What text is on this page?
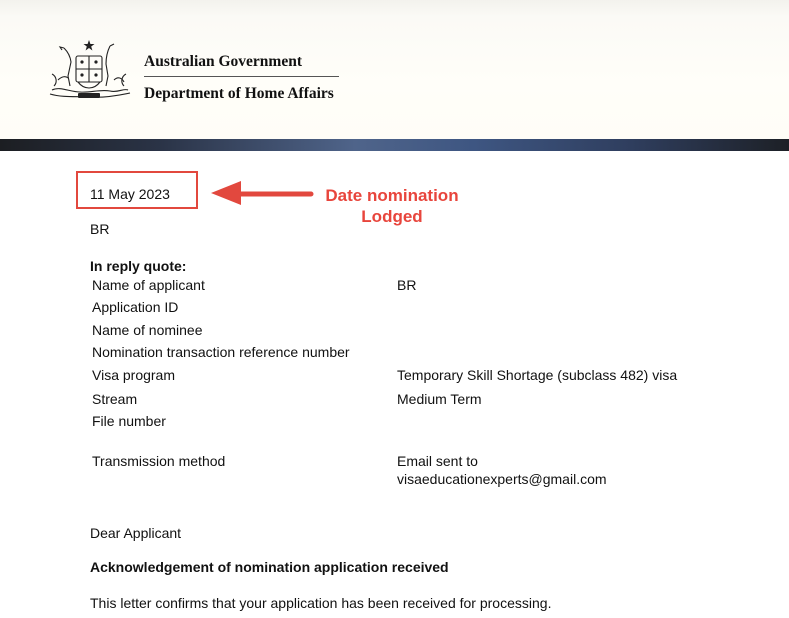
Australian Government
Department of Home Affairs
11 May 2023	Date nomination
Lodged
BR
In reply quote:
Name of applicant	BR
Application ID
Name of nominee
Nomination transaction reference number
Visa program	Temporary Skill Shortage (subclass 482) visa
Stream	Medium Term
File number
Transmission method	Email sent to
visaeducationexperts@gmail.com
Dear Applicant
Acknowledgement of nomination application received
This letter confirms that your application has been received for processing.
